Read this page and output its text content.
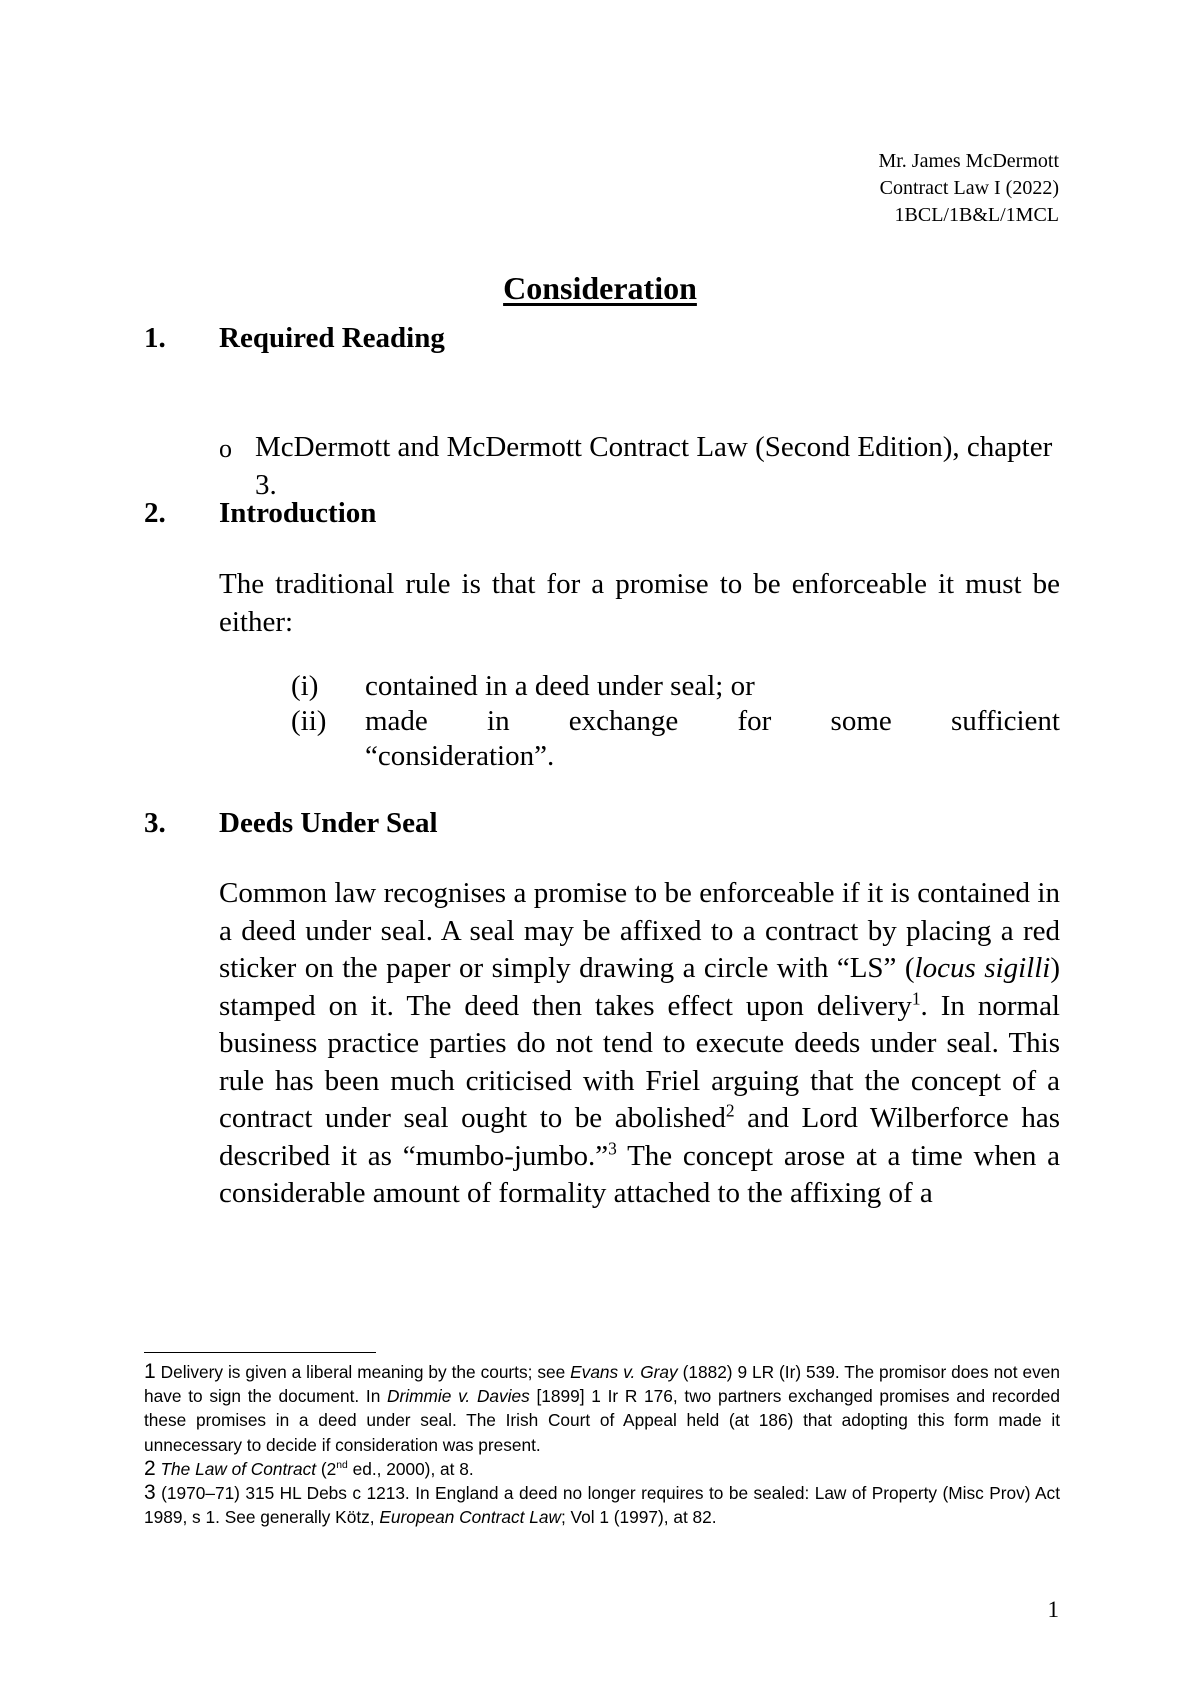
Mr. James McDermott
Contract Law I (2022)
1BCL/1B&L/1MCL
Consideration
1. Required Reading
o McDermott and McDermott Contract Law (Second Edition), chapter 3.
2. Introduction
The traditional rule is that for a promise to be enforceable it must be either:
(i) contained in a deed under seal; or
(ii) made in exchange for some sufficient
“consideration”.
3. Deeds Under Seal
Common law recognises a promise to be enforceable if it is contained in a deed under seal. A seal may be affixed to a contract by placing a red sticker on the paper or simply drawing a circle with “LS” (locus sigilli) stamped on it. The deed then takes effect upon delivery$^1$. In normal business practice parties do not tend to execute deeds under seal. This rule has been much criticised with Friel arguing that the concept of a contract under seal ought to be abolished$^2$ and Lord Wilberforce has described it as “mumbo-jumbo.”$^3$ The concept arose at a time when a considerable amount of formality attached to the affixing of a

1 Delivery is given a liberal meaning by the courts; see Evans v. Gray (1882) 9 LR (Ir) 539. The promisor does not even have to sign the document. In Drimmie v. Davies [1899] 1 Ir R 176, two partners exchanged promises and recorded these promises in a deed under seal. The Irish Court of Appeal held (at 186) that adopting this form made it unnecessary to decide if consideration was present.

2 The Law of Contract (2nd ed., 2000), at 8.

3 (1970–71) 315 HL Debs c 1213. In England a deed no longer requires to be sealed: Law of Property (Misc Prov) Act 1989, s 1. See generally Kötz, European Contract Law; Vol 1 (1997), at 82.

1
